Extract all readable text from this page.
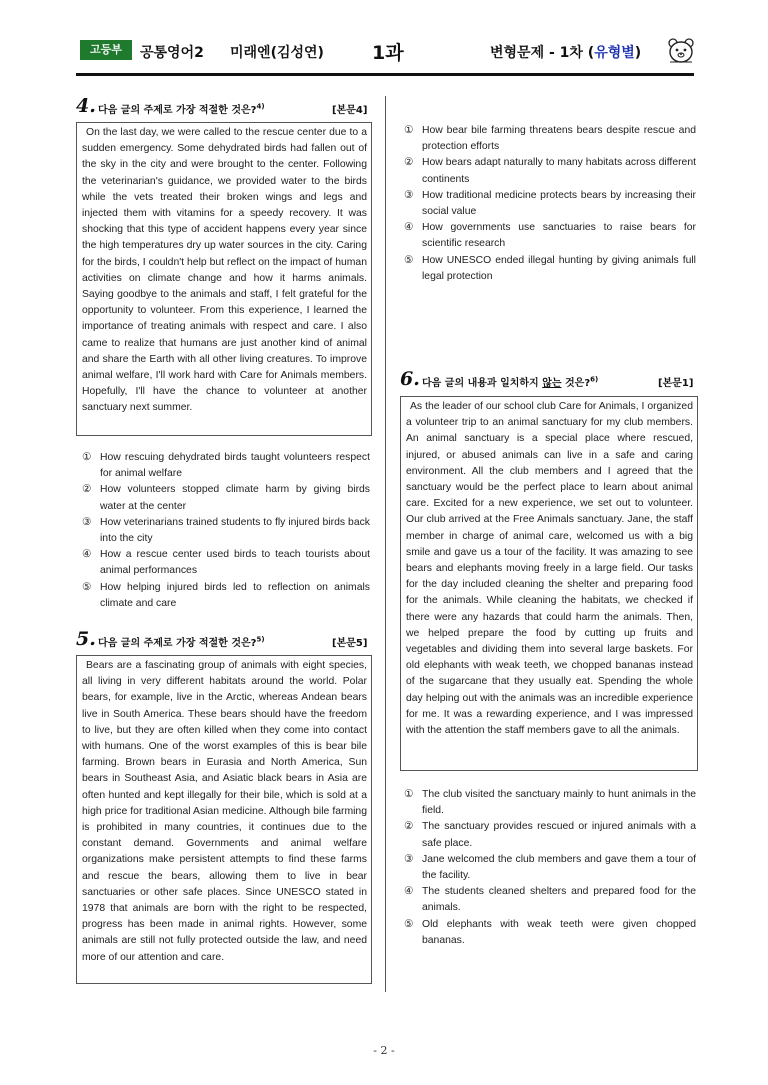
고등부	공통영어2 미래엔(김성연)	1과	변형문제 - 1차 (유형별)
4. 다음 글의 주제로 가장 적절한 것은?$^{4)}$	[본문4]
On the last day, we were called to the rescue center due to a sudden emergency. Some dehydrated birds had fallen out of the sky in the city and were brought to the center. Following the veterinarian's guidance, we provided water to the birds while the vets treated their broken wings and legs and injected them with vitamins for a speedy recovery. It was shocking that this type of accident happens every year since the high temperatures dry up water sources in the city. Caring for the birds, I couldn't help but reflect on the impact of human activities on climate change and how it harms animals. Saying goodbye to the animals and staff, I felt grateful for the opportunity to volunteer. From this experience, I learned the importance of treating animals with respect and care. I also came to realize that humans are just another kind of animal and share the Earth with all other living creatures. To improve animal welfare, I'll work hard with Care for Animals members. Hopefully, I'll have the chance to volunteer at another sanctuary next summer.
① How rescuing dehydrated birds taught volunteers respect for animal welfare
② How volunteers stopped climate harm by giving birds water at the center
③ How veterinarians trained students to fly injured birds back into the city
④ How a rescue center used birds to teach tourists about animal performances
⑤ How helping injured birds led to reflection on animals climate and care
5. 다음 글의 주제로 가장 적절한 것은?$^{5)}$	[본문5]
Bears are a fascinating group of animals with eight species, all living in very different habitats around the world. Polar bears, for example, live in the Arctic, whereas Andean bears live in South America. These bears should have the freedom to live, but they are often killed when they come into contact with humans. One of the worst examples of this is bear bile farming. Brown bears in Eurasia and North America, Sun bears in Southeast Asia, and Asiatic black bears in Asia are often hunted and kept illegally for their bile, which is sold at a high price for traditional Asian medicine. Although bile farming is prohibited in many countries, it continues due to the constant demand. Governments and animal welfare organizations make persistent attempts to find these farms and rescue the bears, allowing them to live in bear sanctuaries or other safe places. Since UNESCO stated in 1978 that animals are born with the right to be respected, progress has been made in animal rights. However, some animals are still not fully protected outside the law, and need more of our attention and care.
① How bear bile farming threatens bears despite rescue and protection efforts
② How bears adapt naturally to many habitats across different continents
③ How traditional medicine protects bears by increasing their social value
④ How governments use sanctuaries to raise bears for scientific research
⑤ How UNESCO ended illegal hunting by giving animals full legal protection
6. 다음 글의 내용과 일치하지 않는 것은?$^{6)}$	[본문1]
As the leader of our school club Care for Animals, I organized a volunteer trip to an animal sanctuary for my club members. An animal sanctuary is a special place where rescued, injured, or abused animals can live in a safe and caring environment. All the club members and I agreed that the sanctuary would be the perfect place to learn about animal care. Excited for a new experience, we set out to volunteer. Our club arrived at the Free Animals sanctuary. Jane, the staff member in charge of animal care, welcomed us with a big smile and gave us a tour of the facility. It was amazing to see bears and elephants moving freely in a large field. Our tasks for the day included cleaning the shelter and preparing food for the animals. While cleaning the habitats, we checked if there were any hazards that could harm the animals. Then, we helped prepare the food by cutting up fruits and vegetables and dividing them into several large baskets. For old elephants with weak teeth, we chopped bananas instead of the sugarcane that they usually eat. Spending the whole day helping out with the animals was an incredible experience for me. It was a rewarding experience, and I was impressed with the attention the staff members gave to all the animals.
① The club visited the sanctuary mainly to hunt animals in the field.
② The sanctuary provides rescued or injured animals with a safe place.
③ Jane welcomed the club members and gave them a tour of the facility.
④ The students cleaned shelters and prepared food for the animals.
⑤ Old elephants with weak teeth were given chopped bananas.
- 2 -
